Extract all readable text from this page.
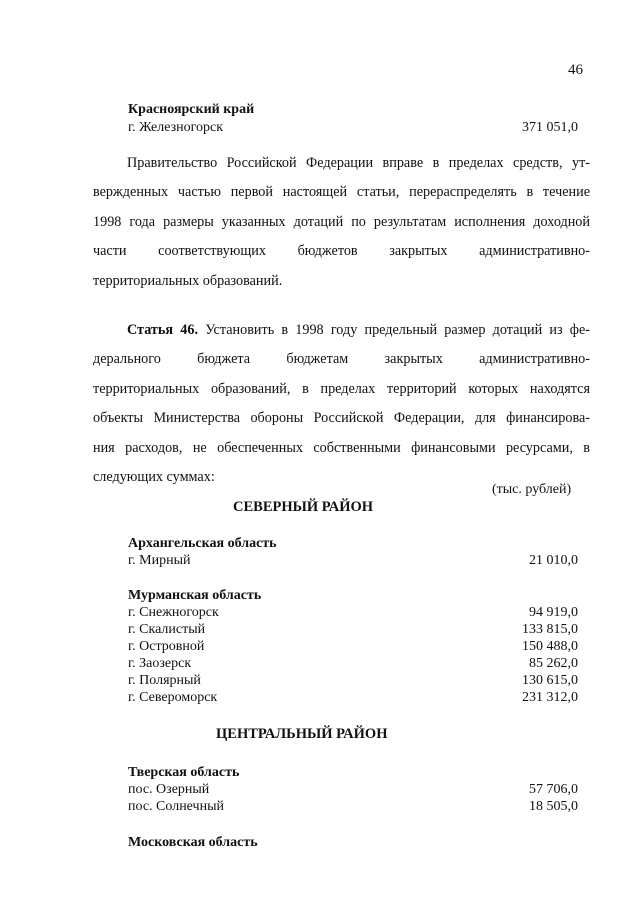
46
Красноярский край
г. Железногорск	371 051,0
Правительство Российской Федерации вправе в пределах средств, ут-
вержденных частью первой настоящей статьи, перераспределять в течение
1998 года размеры указанных дотаций по результатам исполнения доходной
части соответствующих бюджетов закрытых административно-
территориальных образований.
Статья 46. Установить в 1998 году предельный размер дотаций из фе-
дерального бюджета бюджетам закрытых административно-
территориальных образований, в пределах территорий которых находятся
объекты Министерства обороны Российской Федерации, для финансирова-
ния расходов, не обеспеченных собственными финансовыми ресурсами, в
следующих суммах:
(тыс. рублей)
СЕВЕРНЫЙ РАЙОН
Архангельская область
г. Мирный	21 010,0
Мурманская область
г. Снежногорск	94 919,0
г. Скалистый	133 815,0
г. Островной	150 488,0
г. Заозерск	85 262,0
г. Полярный	130 615,0
г. Североморск	231 312,0
ЦЕНТРАЛЬНЫЙ РАЙОН
Тверская область
пос. Озерный	57 706,0
пос. Солнечный	18 505,0
Московская область
